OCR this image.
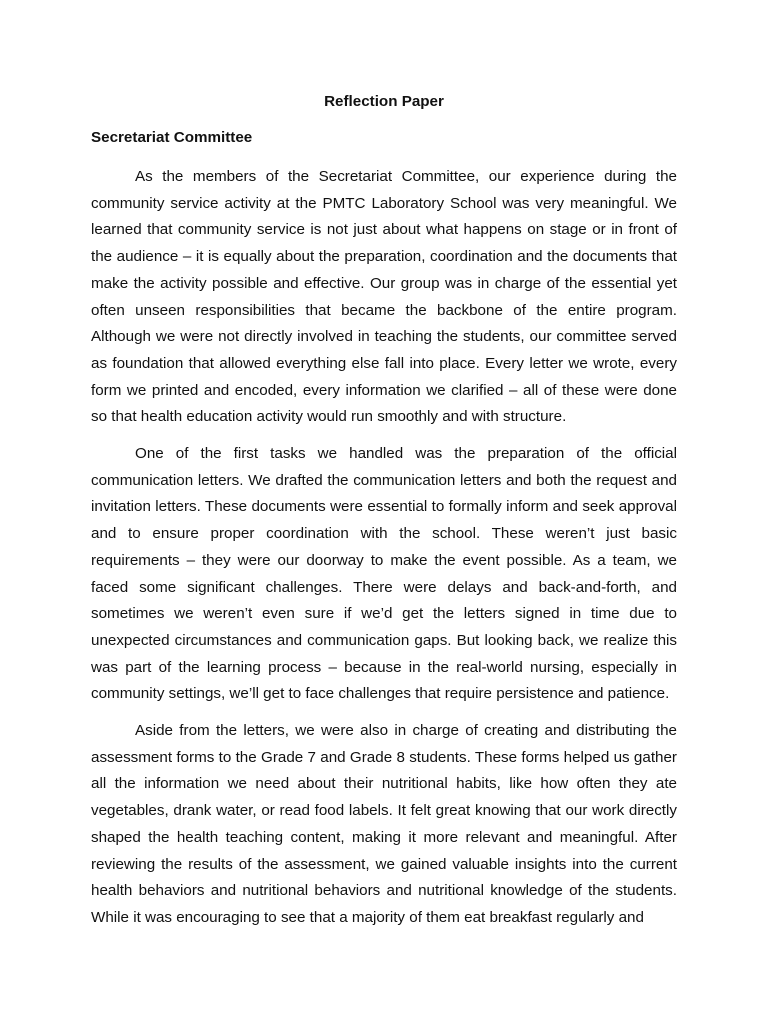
Reflection Paper
Secretariat Committee

As the members of the Secretariat Committee, our experience during the community service activity at the PMTC Laboratory School was very meaningful. We learned that community service is not just about what happens on stage or in front of the audience – it is equally about the preparation, coordination and the documents that make the activity possible and effective. Our group was in charge of the essential yet often unseen responsibilities that became the backbone of the entire program. Although we were not directly involved in teaching the students, our committee served as foundation that allowed everything else fall into place. Every letter we wrote, every form we printed and encoded, every information we clarified – all of these were done so that health education activity would run smoothly and with structure.

One of the first tasks we handled was the preparation of the official communication letters. We drafted the communication letters and both the request and invitation letters. These documents were essential to formally inform and seek approval and to ensure proper coordination with the school. These weren’t just basic requirements – they were our doorway to make the event possible. As a team, we faced some significant challenges. There were delays and back-and-forth, and sometimes we weren’t even sure if we’d get the letters signed in time due to unexpected circumstances and communication gaps. But looking back, we realize this was part of the learning process – because in the real-world nursing, especially in community settings, we’ll get to face challenges that require persistence and patience.

Aside from the letters, we were also in charge of creating and distributing the assessment forms to the Grade 7 and Grade 8 students. These forms helped us gather all the information we need about their nutritional habits, like how often they ate vegetables, drank water, or read food labels. It felt great knowing that our work directly shaped the health teaching content, making it more relevant and meaningful. After reviewing the results of the assessment, we gained valuable insights into the current health behaviors and nutritional behaviors and nutritional knowledge of the students. While it was encouraging to see that a majority of them eat breakfast regularly and
